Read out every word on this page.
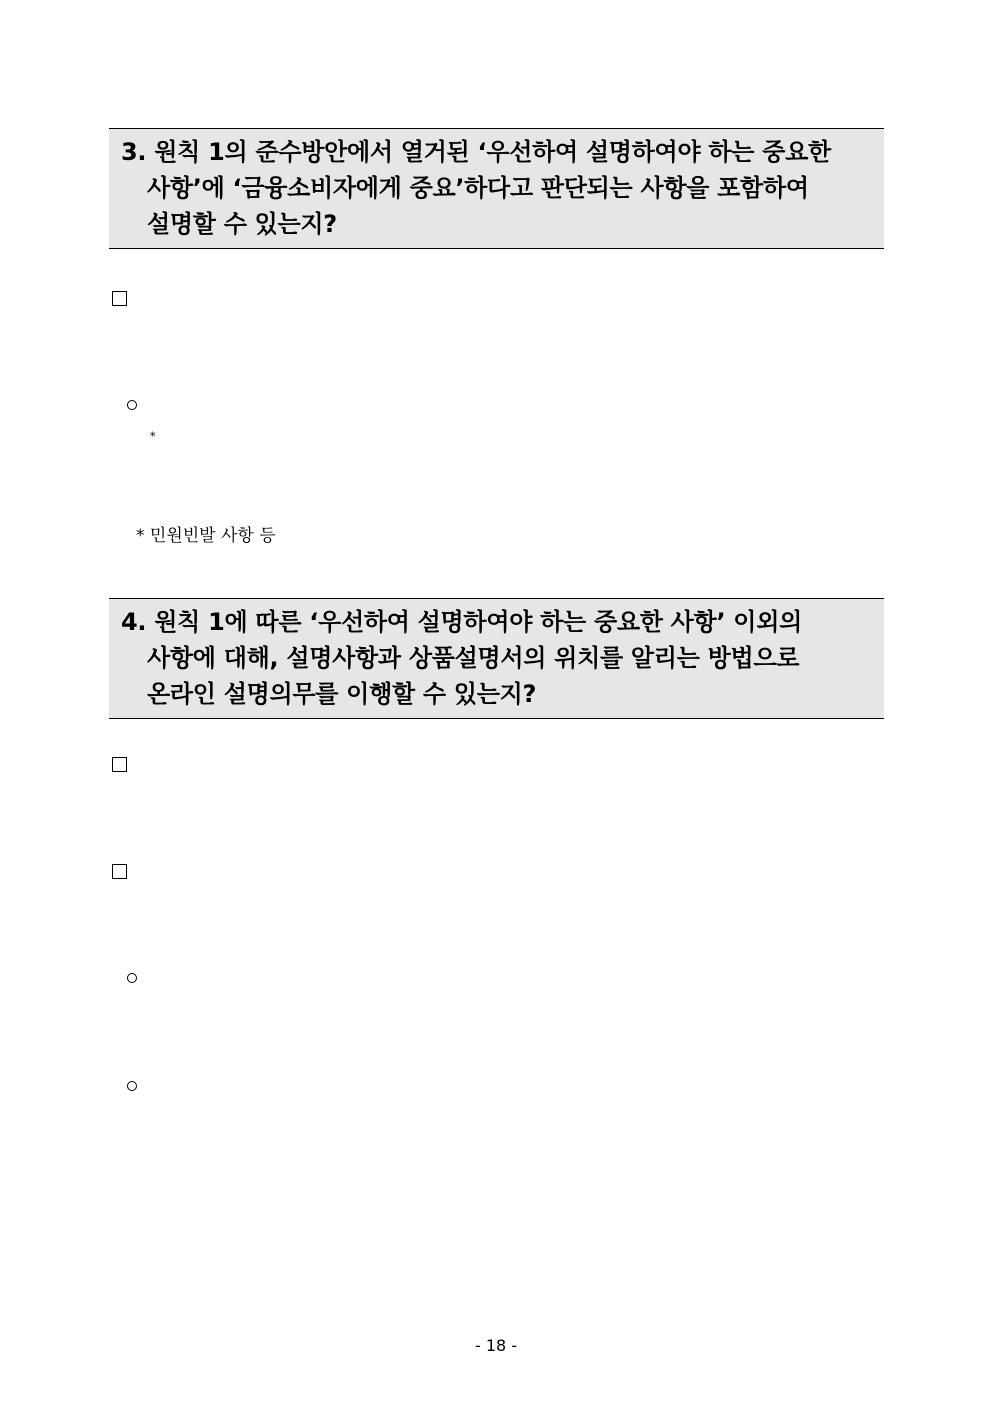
3. 원칙 1의 준수방안에서 열거된 ‘우선하여 설명하여야 하는 중요한
사항’에 ‘금융소비자에게 중요’하다고 판단되는 사항을 포함하여
설명할 수 있는지?
*
* 민원빈발 사항 등
4. 원칙 1에 따른 ‘우선하여 설명하여야 하는 중요한 사항’ 이외의
사항에 대해, 설명사항과 상품설명서의 위치를 알리는 방법으로
온라인 설명의무를 이행할 수 있는지?
- 18 -
